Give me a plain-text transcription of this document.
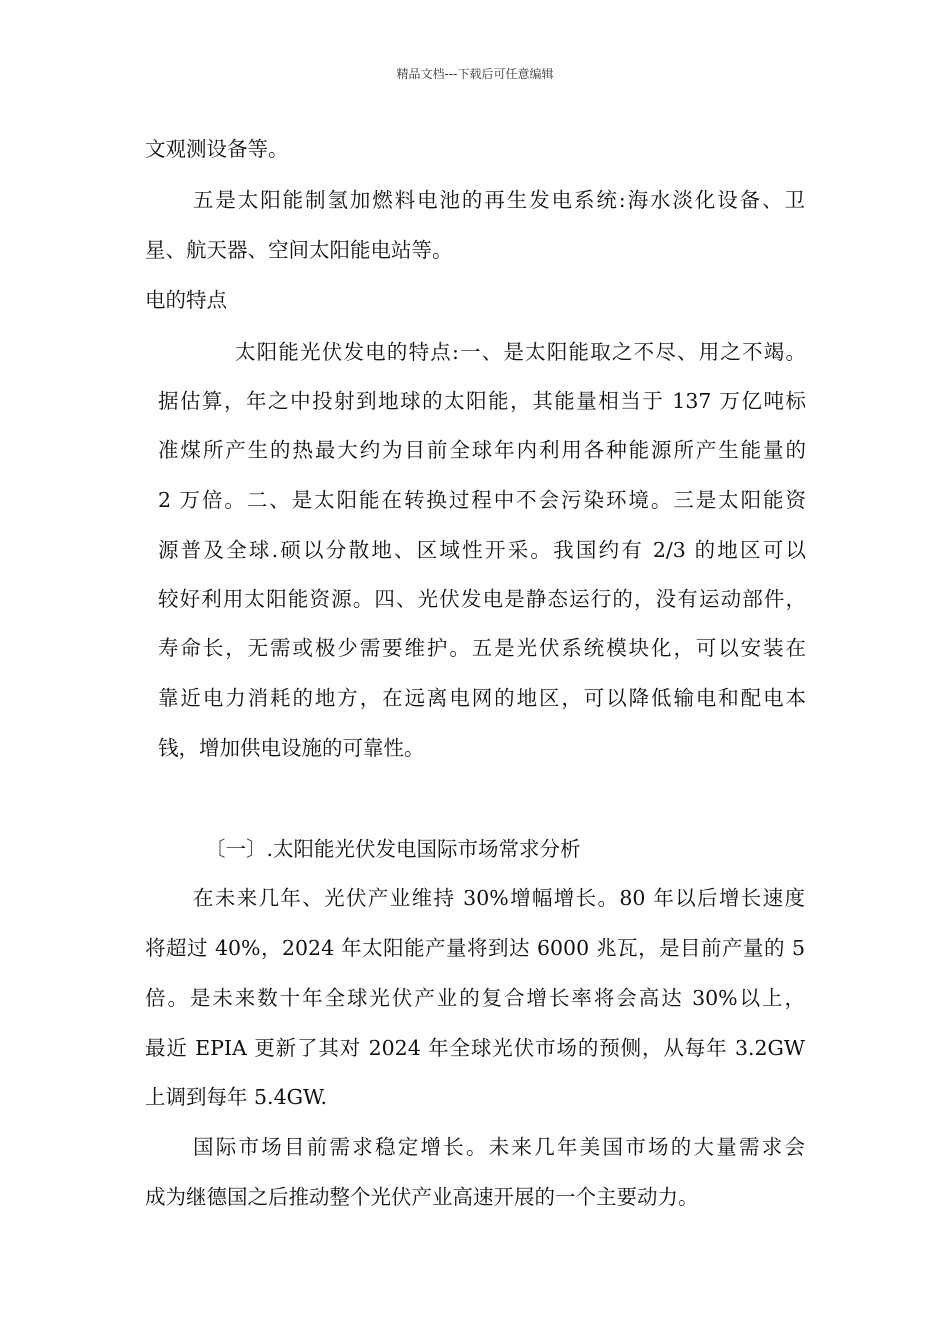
精品文档---下载后可任意编辑
文观测设备等。
五是太阳能制氢加燃料电池的再生发电系统:海水淡化设备、卫
星、航天器、空间太阳能电站等。
电的特点
太阳能光伏发电的特点:一、是太阳能取之不尽、用之不竭。
据估算，年之中投射到地球的太阳能，其能量相当于 137 万亿吨标
准煤所产生的热最大约为目前全球年内利用各种能源所产生能量的
2 万倍。二、是太阳能在转换过程中不会污染环境。三是太阳能资
源普及全球.硕以分散地、区域性开采。我国约有 2/3 的地区可以
较好利用太阳能资源。四、光伏发电是静态运行的，没有运动部件，
寿命长，无需或极少需要维护。五是光伏系统模块化，可以安装在
靠近电力消耗的地方，在远离电网的地区，可以降低输电和配电本
钱，增加供电设施的可靠性。
〔一〕.太阳能光伏发电国际市场常求分析
在未来几年、光伏产业维持 30%增幅增长。80 年以后增长速度
将超过 40%，2024 年太阳能产量将到达 6000 兆瓦，是目前产量的 5
倍。是未来数十年全球光伏产业的复合增长率将会高达 30%以上，
最近 EPIA 更新了其对 2024 年全球光伏市场的预侧，从每年 3.2GW
上调到每年 5.4GW.
国际市场目前需求稳定增长。未来几年美国市场的大量需求会
成为继德国之后推动整个光伏产业高速开展的一个主要动力。
